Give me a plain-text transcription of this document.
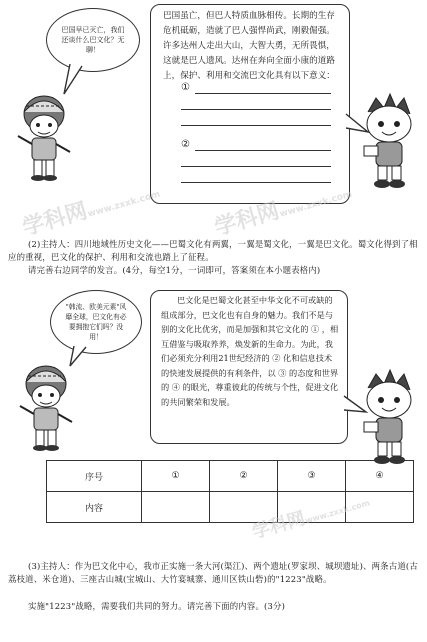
巴国早已灭亡，我们还谈什么巴文化？无聊！
巴国虽亡，但巴人特质血脉相传。长期的生存危机砥砺，造就了巴人强悍尚武，刚毅倔强。许多达州人走出大山，大智大勇，无所畏惧，这就是巴人遗风。达州在奔向全面小康的道路上，保护、利用和交流巴文化具有以下意义：
①
②
学科网www.zxxk.com 学科网www.zxxk.com
(2)主持人：四川地域性历史文化——巴蜀文化有两翼，一翼是蜀文化，一翼是巴文化。蜀文化得到了相应的重视，巴文化的保护、利用和交流也踏上了征程。
请完善右边同学的发言。(4分，每空1分，一词即可，答案须在本小题表格内)
"韩流、欧美元素"风靡全球，巴文化有必要拥抱它们吗？没用！
巴文化是巴蜀文化甚至中华文化不可或缺的组成部分，巴文化也有自身的魅力。我们不是与别的文化比优劣，而是加强和其它文化的 ① ，相互借鉴与吸取养养，焕发新的生命力。为此，我们必须充分利用21世纪经济的 ② 化和信息技术的快速发展提供的有利条件，以 ③ 的态度和世界的 ④ 的眼光，尊重彼此的传统与个性，促进文化的共同繁荣和发展。
序号	①	②	③	④
内容					学科网www.zxxk.com
(3)主持人：作为巴文化中心，我市正实施一条大河(渠江)、两个遗址(罗家坝、城坝遗址)、两条古道(古荔枝道、米仓道)、三座古山城(宝城山、大竹宴城寨、通川区铁山砦)的"1223"战略。
实施"1223"战略，需要我们共同的努力。请完善下面的内容。(3分)
